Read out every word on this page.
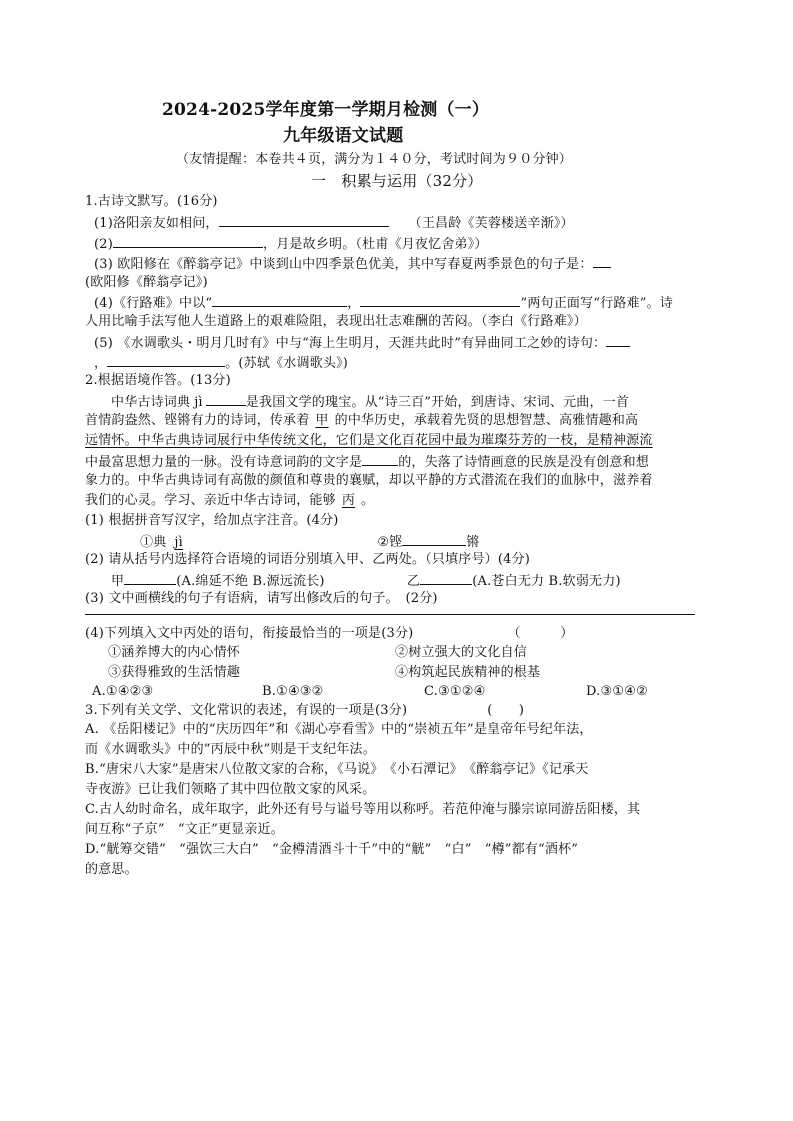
2024-2025学年度第一学期月检测（一）
九年级语文试题
（友情提醒：本卷共４页，满分为１４０分，考试时间为９０分钟）
一　积累与运用（32分）
1.古诗文默写。(16分)
(1)洛阳亲友如相问，	（王昌龄《芙蓉楼送辛渐》）
(2)	，月是故乡明。（杜甫《月夜忆舍弟》）
(3) 欧阳修在《醉翁亭记》中谈到山中四季景色优美，其中写春夏两季景色的句子是：
(欧阳修《醉翁亭记》)
(4)《行路难》中以“	，	”两句正面写“行路难”。诗
人用比喻手法写他人生道路上的艰难险阻，表现出壮志难酬的苦闷。（李白《行路难》）
(5) 《水调歌头・明月几时有》中与“海上生明月，天涯共此时”有异曲同工之妙的诗句：
，	。(苏轼《水调歌头》)
2.根据语境作答。(13分)
中华古诗词典 jì	是我国文学的瑰宝。从“诗三百”开始，到唐诗、宋词、元曲，一首
首情韵盎然、铿锵有力的诗词，传承着 甲 的中华历史，承载着先贤的思想智慧、高雅情趣和高
远情怀。中华古典诗词展行中华传统文化，它们是文化百花园中最为璀璨芬芳的一枝，是精神源流
中最富思想力量的一脉。没有诗意词韵的文字是	的，失落了诗情画意的民族是没有创意和想
象力的。中华古典诗词有高傲的颜值和尊贵的襄赋，却以平静的方式潜流在我们的血脉中，滋养着
我们的心灵。学习、亲近中华古诗词，能够 丙 。
(1) 根据拼音写汉字，给加点字注音。(4分)
①典 jì	②铿	锵
(2) 请从括号内选择符合语境的词语分别填入甲、乙两处。（只填序号）(4分)
甲	(A.绵延不绝 B.源远流长)	乙	(A.苍白无力 B.软弱无力)
(3) 文中画横线的句子有语病，请写出修改后的句子。　(2分)
(4)下列填入文中丙处的语句，衔接最恰当的一项是(3分)	（　　　）
①涵养博大的内心情怀	②树立强大的文化自信
③获得雅致的生活情趣	④构筑起民族精神的根基
A.①④②③	B.①④③②	C.③①②④	D.③①④②
3.下列有关文学、文化常识的表述，有误的一项是(3分)	(　　)
A. 《岳阳楼记》中的“庆历四年”和《湖心亭看雪》中的“崇祯五年”是皇帝年号纪年法，
而《水调歌头》中的“丙辰中秋”则是干支纪年法。
B.“唐宋八大家”是唐宋八位散文家的合称，《马说》　《小石潭记》　《醉翁亭记》《记承天
寺夜游》已让我们领略了其中四位散文家的风采。
C.古人幼时命名，成年取字，此外还有号与谥号等用以称呼。若范仲淹与滕宗谅同游岳阳楼，其
间互称“子京”　“文正”更显亲近。
D.“觥筹交错”　“强饮三大白”　“金樽清酒斗十千”中的“觥”　“白”　“樽”都有“酒杯”
的意思。
